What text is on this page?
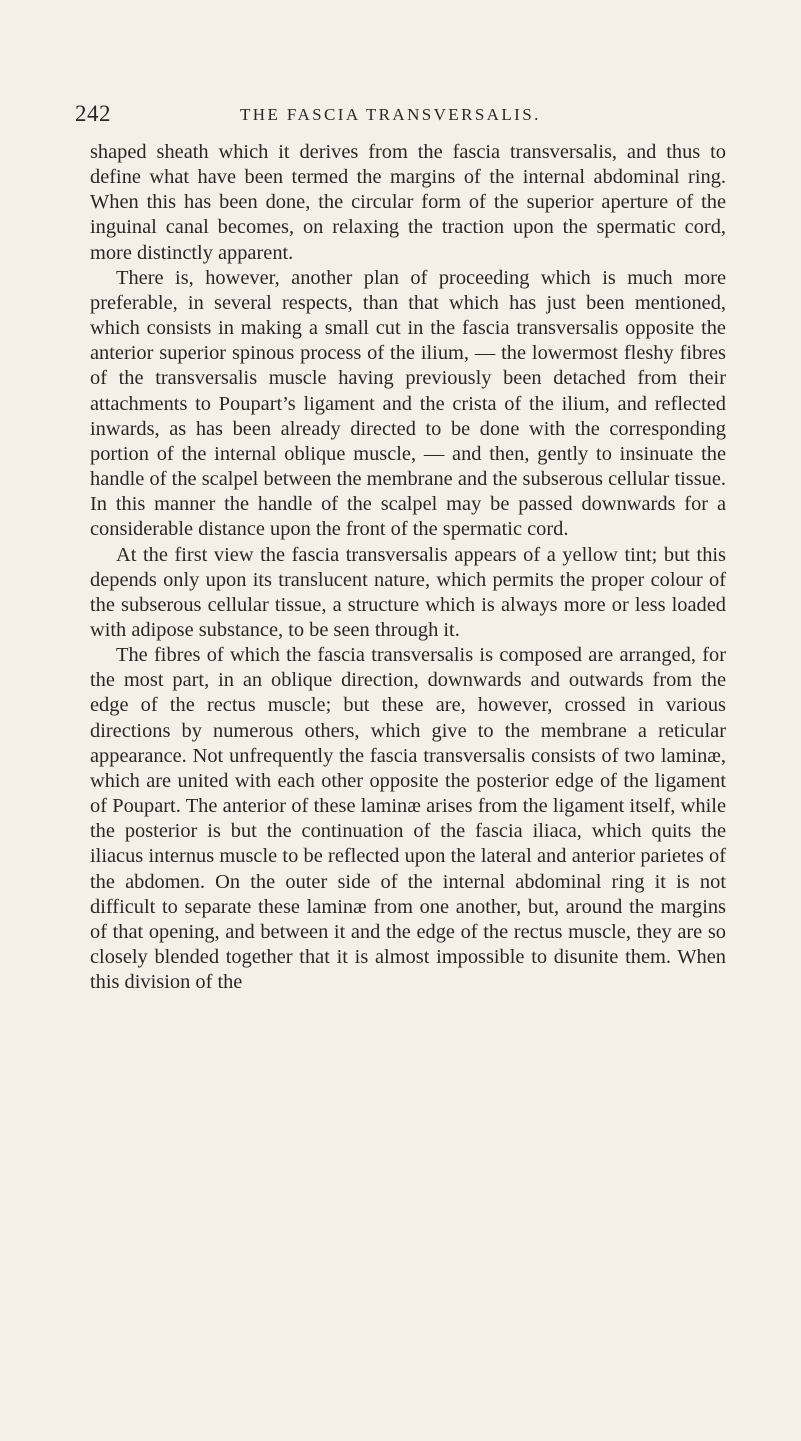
242	THE FASCIA TRANSVERSALIS.

shaped sheath which it derives from the fascia transversalis, and thus to define what have been termed the margins of the internal abdominal ring. When this has been done, the circular form of the superior aperture of the inguinal canal becomes, on relaxing the traction upon the spermatic cord, more distinctly apparent.

There is, however, another plan of proceeding which is much more preferable, in several respects, than that which has just been mentioned, which consists in making a small cut in the fascia transversalis opposite the anterior superior spinous process of the ilium, — the lowermost fleshy fibres of the transversalis muscle having previously been detached from their attachments to Poupart’s ligament and the crista of the ilium, and reflected inwards, as has been already directed to be done with the corresponding portion of the internal oblique muscle, — and then, gently to insinuate the handle of the scalpel between the membrane and the subserous cellular tissue. In this manner the handle of the scalpel may be passed downwards for a considerable distance upon the front of the spermatic cord.

At the first view the fascia transversalis appears of a yellow tint; but this depends only upon its translucent nature, which permits the proper colour of the subserous cellular tissue, a structure which is always more or less loaded with adipose substance, to be seen through it.

The fibres of which the fascia transversalis is composed are arranged, for the most part, in an oblique direction, downwards and outwards from the edge of the rectus muscle; but these are, however, crossed in various directions by numerous others, which give to the membrane a reticular appearance. Not unfrequently the fascia transversalis consists of two laminæ, which are united with each other opposite the posterior edge of the ligament of Poupart. The anterior of these laminæ arises from the ligament itself, while the posterior is but the continuation of the fascia iliaca, which quits the iliacus internus muscle to be reflected upon the lateral and anterior parietes of the abdomen. On the outer side of the internal abdominal ring it is not difficult to separate these laminæ from one another, but, around the margins of that opening, and between it and the edge of the rectus muscle, they are so closely blended together that it is almost impossible to disunite them. When this division of the
